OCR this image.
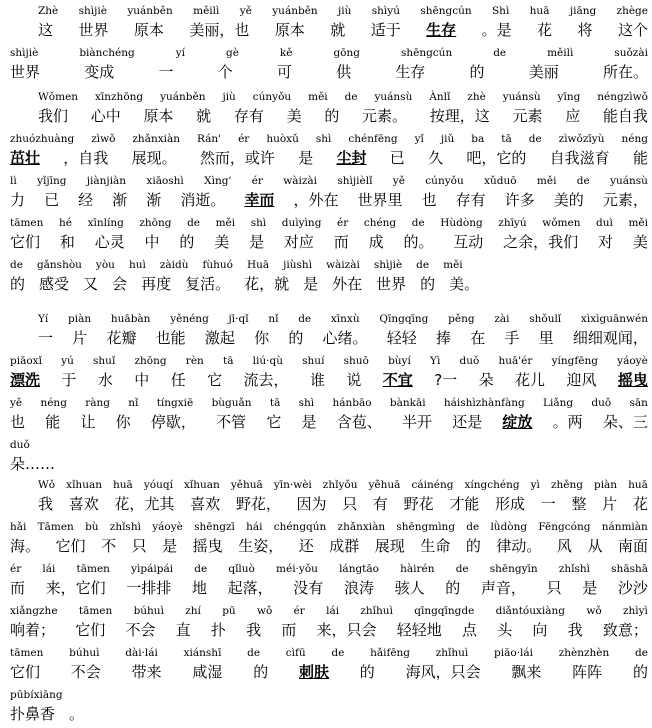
Zhè shìjiè yuánběn měilì yě yuánběn jiù shìyú shēngcún Shì huā jiāng zhège
这 世界 原本 美丽，也 原本 就 适于 生存 。是 花 将 这个
shìjiè	biànchéng	yí	gè	kě	gōng	shēngcún	de	měilì	suǒzài
世界	变成	一	个	可	供	生存	的	美丽	所在。
Wǒmen xīnzhōng yuánběn jiù cúnyǒu měi de yuánsù Ànlǐ zhè yuánsù yīng néngzìwǒ
我们 心中 原本 就 存有 美 的 元素。 按理，这 元素 应 能自我
zhuózhuàng zìwǒ zhǎnxiàn Rán' ér huòxǔ shì chénfēng yǐ jiǔ ba tā de zìwǒzīyù néng
茁壮 ，自我 展现。 然而，或许 是 尘封 已 久 吧，它的 自我滋育 能
lì yǐjīng jiànjiàn xiāoshì Xìng' ér wàizài shìjièlǐ yě cúnyǒu xǔduō měi de yuánsù
力 已 经 渐 渐 消逝。 幸而 ，外在 世界里 也 存有 许多 美的 元素，
tāmen hé xīnlíng zhōng de měi shì duìyìng ér chéng de Hùdòng zhīyú wǒmen duì měi
它们 和 心灵 中 的 美 是 对应 而 成 的。 互动 之余，我们 对 美
de gǎnshòu yòu huì zàidù fùhuó Huā jiùshì wàizài shìjiè de měi
的 感受 又 会 再度 复活。 花，就 是 外在 世界 的 美。
Yí piàn huābàn yěnéng jī·qǐ nǐ de xīnxù Qīngqīng pěng zài shǒulǐ xìxìguānwén
一 片 花瓣 也能 激起 你 的 心绪。 轻轻 捧 在 手 里 细细观闻，
piāoxǐ yú shuǐ zhōng rèn tā liú·qù shuí shuō bùyí Yì duǒ huā'ér yíngfēng yáoyè
漂洗 于 水 中 任 它 流去， 谁 说 不宜 ?一 朵 花儿 迎风 摇曳
yě néng ràng nǐ tíngxiē bùguǎn tā shì hánbāo bànkāi háishìzhànfàng Liǎng duǒ sān
也 能 让 你 停歇， 不管 它 是 含苞、 半开 还是 绽放 。两 朵、三
duǒ
朵……
Wǒ xǐhuan huā yóuqí xǐhuan yěhuā yīn·wèi zhǐyǒu yěhuā cáinéng xíngchéng yì zhěng piàn huā
我 喜欢 花，尤其 喜欢 野花， 因为 只 有 野花 才能 形成 一 整 片 花
hǎi Tāmen bù zhǐshì yáoyè shēngzī hái chéngqún zhǎnxiàn shēngmìng de lǜdòng Fēngcóng nánmiàn
海。 它们 不 只 是 摇曳 生姿， 还 成群 展现 生命 的 律动。 风 从 南面
ér lái tāmen yìpáipái de qǐluò méi·yǒu lángtāo hàirén de shēngyīn zhǐshì shāshā
而 来，它们 一排排 地 起落， 没有 浪涛 骇人 的 声音， 只 是 沙沙
xiǎngzhe tāmen búhuì zhí pū wǒ ér lái zhǐhuì qīngqīngde diǎntóuxiàng wǒ zhìyì
响着； 它们 不会 直 扑 我 而 来，只会 轻轻地 点 头 向 我 致意；
tāmen búhuì dài·lái xiánshī de cìfū de hǎifēng zhǐhuì piāo·lái zhènzhèn de
它们 不会 带来 咸湿 的 刺肤 的 海风，只会 飘来 阵阵 的
pūbíxiāng
扑鼻香 。
